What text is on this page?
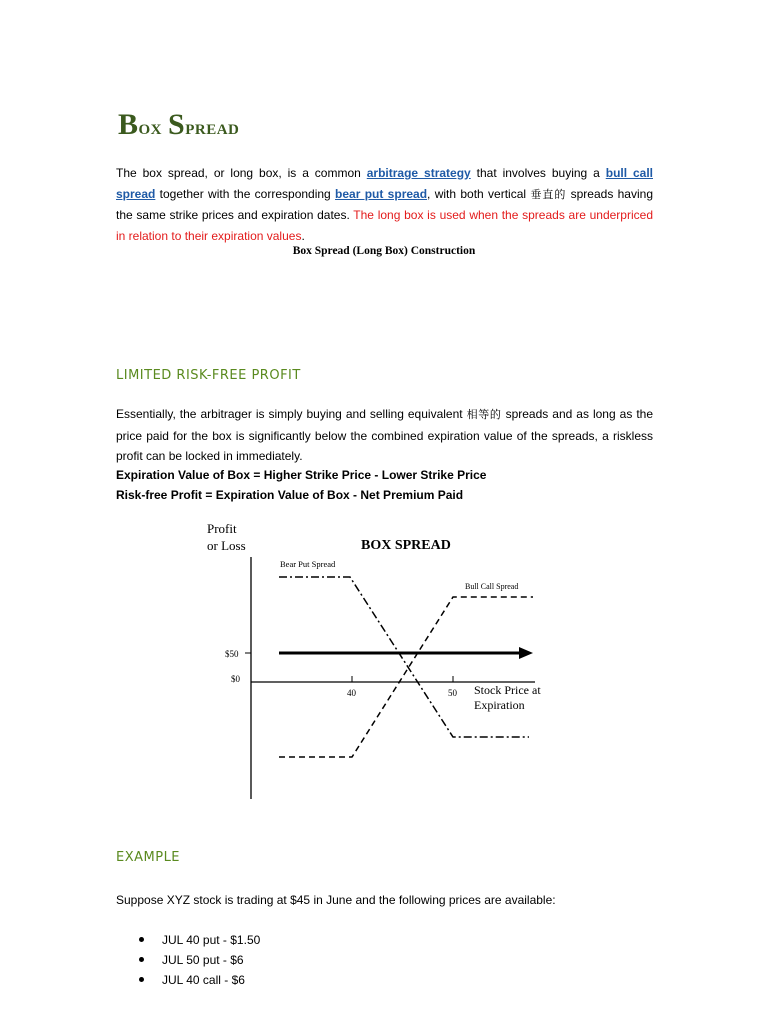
Box Spread
The box spread, or long box, is a common arbitrage strategy that involves buying a bull call spread together with the corresponding bear put spread, with both vertical 垂直的 spreads having the same strike prices and expiration dates. The long box is used when the spreads are underpriced in relation to their expiration values.
Box Spread (Long Box) Construction
LIMITED RISK-FREE PROFIT
Essentially, the arbitrager is simply buying and selling equivalent 相等的 spreads and as long as the price paid for the box is significantly below the combined expiration value of the spreads, a riskless profit can be locked in immediately.
Expiration Value of Box = Higher Strike Price - Lower Strike Price
Risk-free Profit = Expiration Value of Box - Net Premium Paid
Profit
or Loss	BOX SPREAD
Bear Put Spread
Bull Call Spread
$50
$0
40	50 Stock Price at
Expiration
EXAMPLE
Suppose XYZ stock is trading at $45 in June and the following prices are available:
JUL 40 put - $1.50
JUL 50 put - $6
JUL 40 call - $6
